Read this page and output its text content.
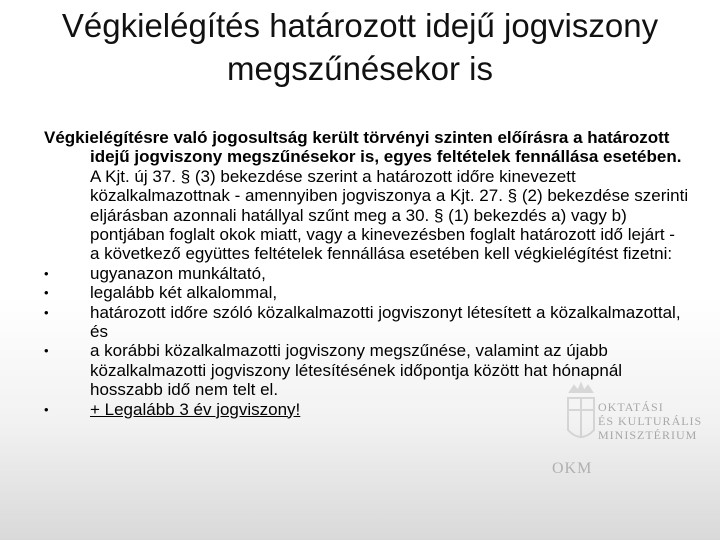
Végkielégítés határozott idejű jogviszony
megszűnésekor is
OKTATÁSI
ÉS KULTURÁLIS
MINISZTÉRIUM
OKM

Végkielégítésre való jogosultság került törvényi szinten előírásra a határozott idejű jogviszony megszűnésekor is, egyes feltételek fennállása esetében. A Kjt. új 37. § (3) bekezdése szerint a határozott időre kinevezett közalkalmazottnak - amennyiben jogviszonya a Kjt. 27. § (2) bekezdése szerinti eljárásban azonnali hatállyal szűnt meg a 30. § (1) bekezdés a) vagy b) pontjában foglalt okok miatt, vagy a kinevezésben foglalt határozott idő lejárt - a következő együttes feltételek fennállása esetében kell végkielégítést fizetni:

• ugyanazon munkáltató,
• legalább két alkalommal,
• határozott időre szóló közalkalmazotti jogviszonyt létesített a közalkalmazottal, és
• a korábbi közalkalmazotti jogviszony megszűnése, valamint az újabb közalkalmazotti jogviszony létesítésének időpontja között hat hónapnál hosszabb idő nem telt el.
• + Legalább 3 év jogviszony!
